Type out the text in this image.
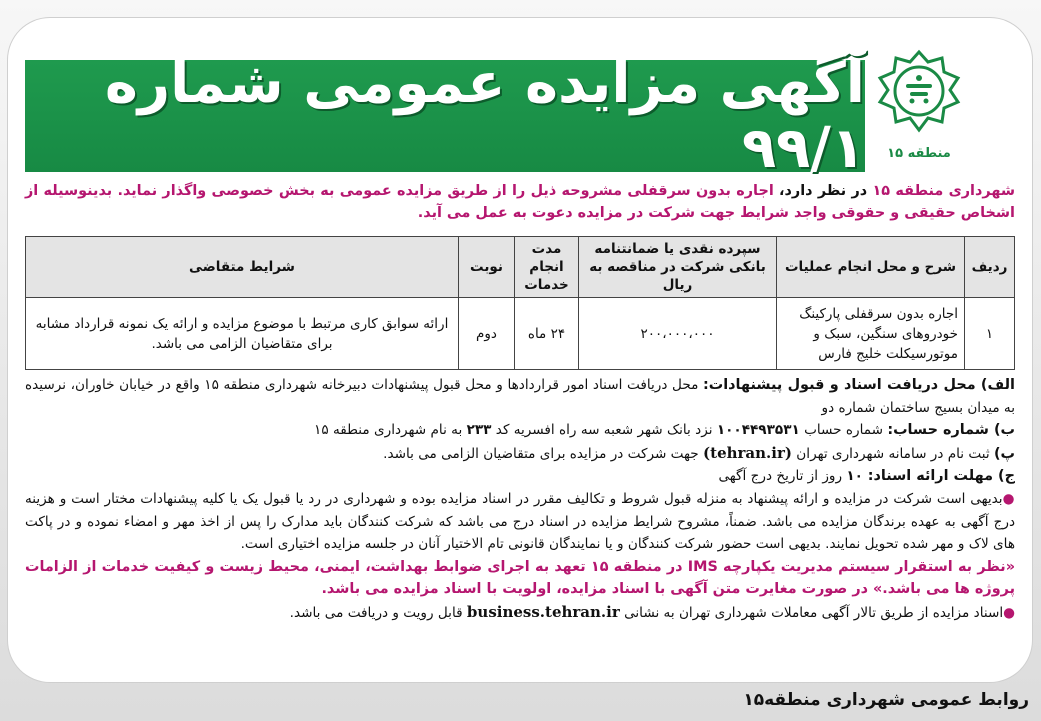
منطقه ۱۵
آگهی مزایده عمومی شماره ۹۹/۱
شهرداری منطقه ۱۵ در نظر دارد، اجاره بدون سرقفلی مشروحه ذیل را از طریق مزایده عمومی به بخش خصوصی واگذار نماید. بدینوسیله از اشخاص حقیقی و حقوقی واجد شرایط جهت شرکت در مزایده دعوت به عمل می آید.
ردیف	شرح و محل انجام عملیات	سپرده نقدی یا ضمانتنامه بانکی شرکت در مناقصه به ریال	مدت انجام خدمات	نوبت	شرایط متقاضی
۱	اجاره بدون سرقفلی پارکینگ خودروهای سنگین، سبک و موتورسیکلت خلیج فارس	۲۰۰،۰۰۰،۰۰۰	۲۴ ماه	دوم	ارائه سوابق کاری مرتبط با موضوع مزایده و ارائه یک نمونه قرارداد مشابه برای متقاضیان الزامی می باشد.

الف) محل دریافت اسناد و قبول پیشنهادات: محل دریافت اسناد امور قراردادها و محل قبول پیشنهادات دبیرخانه شهرداری منطقه ۱۵ واقع در خیابان خاوران، نرسیده به میدان بسیج ساختمان شماره دو

ب) شماره حساب: شماره حساب ۱۰۰۴۴۹۳۵۳۱ نزد بانک شهر شعبه سه راه افسریه کد ۲۳۳ به نام شهرداری منطقه ۱۵

پ) ثبت نام در سامانه شهرداری تهران (tehran.ir) جهت شرکت در مزایده برای متقاضیان الزامی می باشد.

ج) مهلت ارائه اسناد: ۱۰ روز از تاریخ درج آگهی

●بدیهی است شرکت در مزایده و ارائه پیشنهاد به منزله قبول شروط و تکالیف مقرر در اسناد مزایده بوده و شهرداری در رد یا قبول یک یا کلیه پیشنهادات مختار است و هزینه درج آگهی به عهده برندگان مزایده می باشد. ضمناً، مشروح شرایط مزایده در اسناد درج می باشد که شرکت کنندگان باید مدارک را پس از اخذ مهر و امضاء نموده و در پاکت های لاک و مهر شده تحویل نمایند. بدیهی است حضور شرکت کنندگان و یا نمایندگان قانونی تام الاختیار آنان در جلسه مزایده اختیاری است.

«نظر به استقرار سیستم مدیریت یکپارچه IMS در منطقه ۱۵ تعهد به اجرای ضوابط بهداشت، ایمنی، محیط زیست و کیفیت خدمات از الزامات پروژه ها می باشد.» در صورت مغایرت متن آگهی با اسناد مزایده، اولویت با اسناد مزایده می باشد.

●اسناد مزایده از طریق تالار آگهی معاملات شهرداری تهران به نشانی business.tehran.ir قابل رویت و دریافت می باشد.

روابط عمومی شهرداری منطقه۱۵
